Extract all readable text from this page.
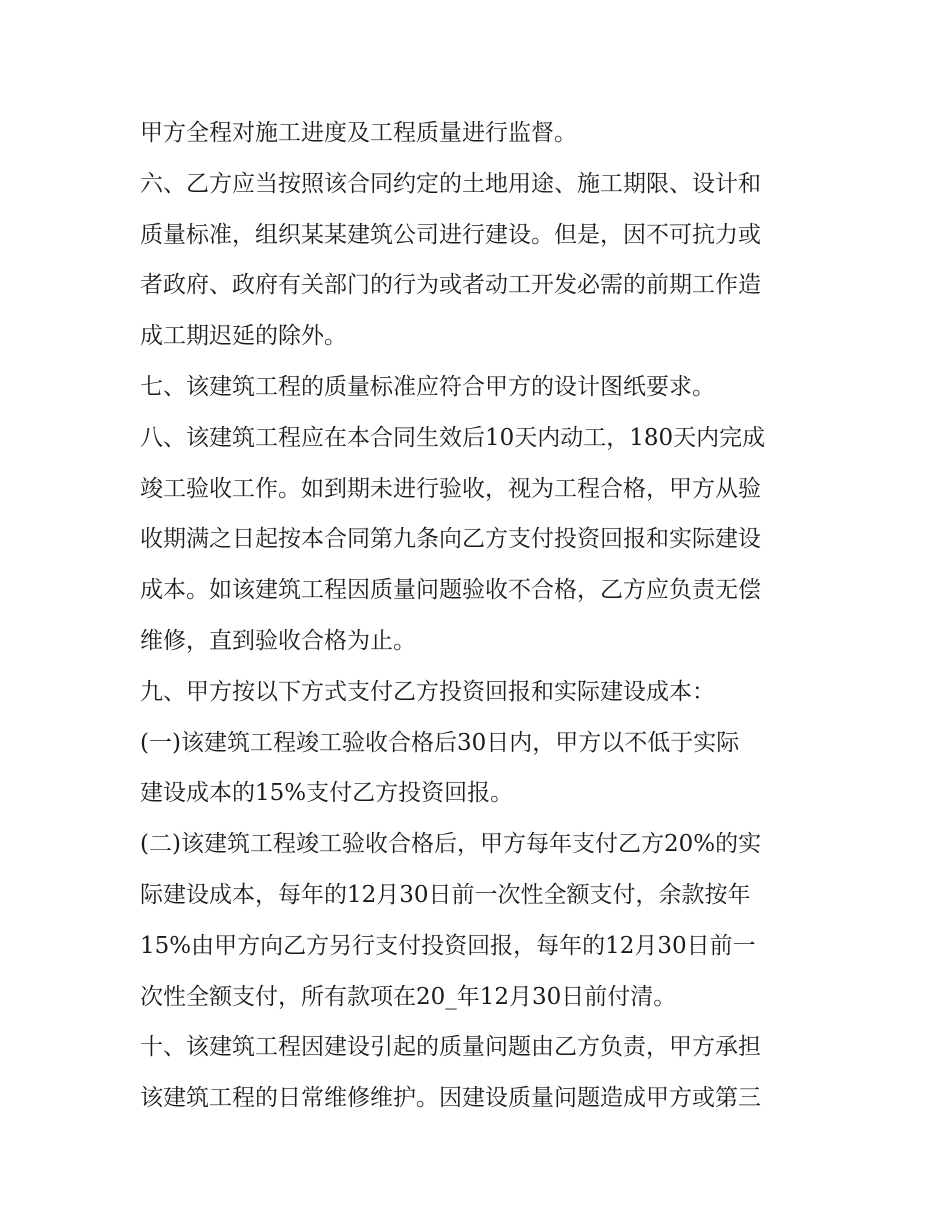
甲方全程对施工进度及工程质量进行监督。
六、乙方应当按照该合同约定的土地用途、施工期限、设计和
质量标准，组织某某建筑公司进行建设。但是，因不可抗力或
者政府、政府有关部门的行为或者动工开发必需的前期工作造
成工期迟延的除外。
七、该建筑工程的质量标准应符合甲方的设计图纸要求。
八、该建筑工程应在本合同生效后10天内动工，180天内完成
竣工验收工作。如到期未进行验收，视为工程合格，甲方从验
收期满之日起按本合同第九条向乙方支付投资回报和实际建设
成本。如该建筑工程因质量问题验收不合格，乙方应负责无偿
维修，直到验收合格为止。
九、甲方按以下方式支付乙方投资回报和实际建设成本：
(一)该建筑工程竣工验收合格后30日内，甲方以不低于实际
建设成本的15%支付乙方投资回报。
(二)该建筑工程竣工验收合格后，甲方每年支付乙方20%的实
际建设成本，每年的12月30日前一次性全额支付，余款按年
15%由甲方向乙方另行支付投资回报，每年的12月30日前一
次性全额支付，所有款项在20_年12月30日前付清。
十、该建筑工程因建设引起的质量问题由乙方负责，甲方承担
该建筑工程的日常维修维护。因建设质量问题造成甲方或第三
